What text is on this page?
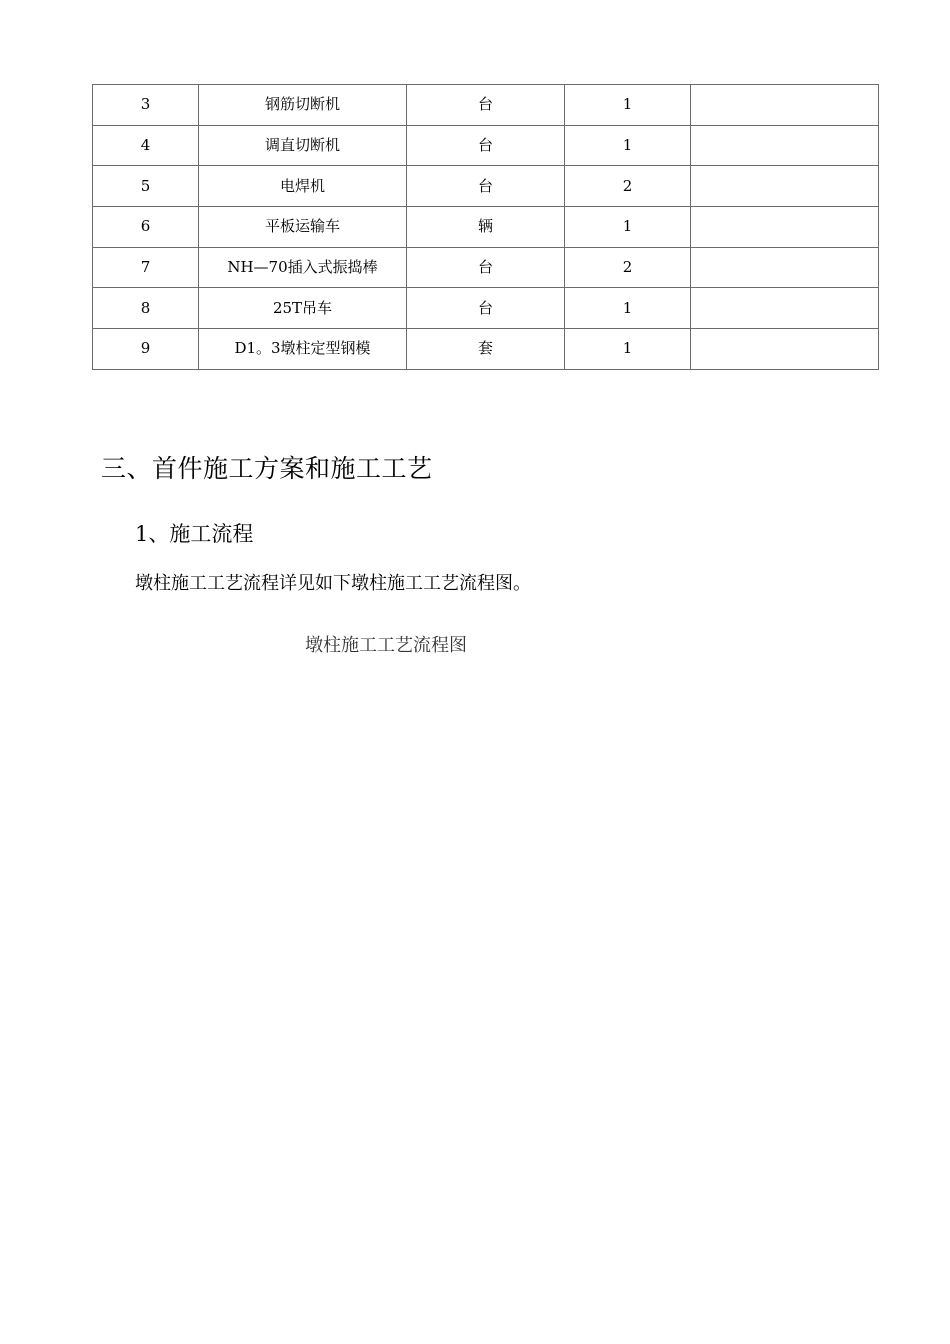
3	钢筋切断机	台	1	
4	调直切断机	台	1	
5	电焊机	台	2	
6	平板运输车	辆	1	
7	NH—70插入式振捣棒	台	2	
8	25T吊车	台	1	
9	D1。3墩柱定型钢模	套	1	
三、首件施工方案和施工工艺
1、施工流程

墩柱施工工艺流程详见如下墩柱施工工艺流程图。

墩柱施工工艺流程图
